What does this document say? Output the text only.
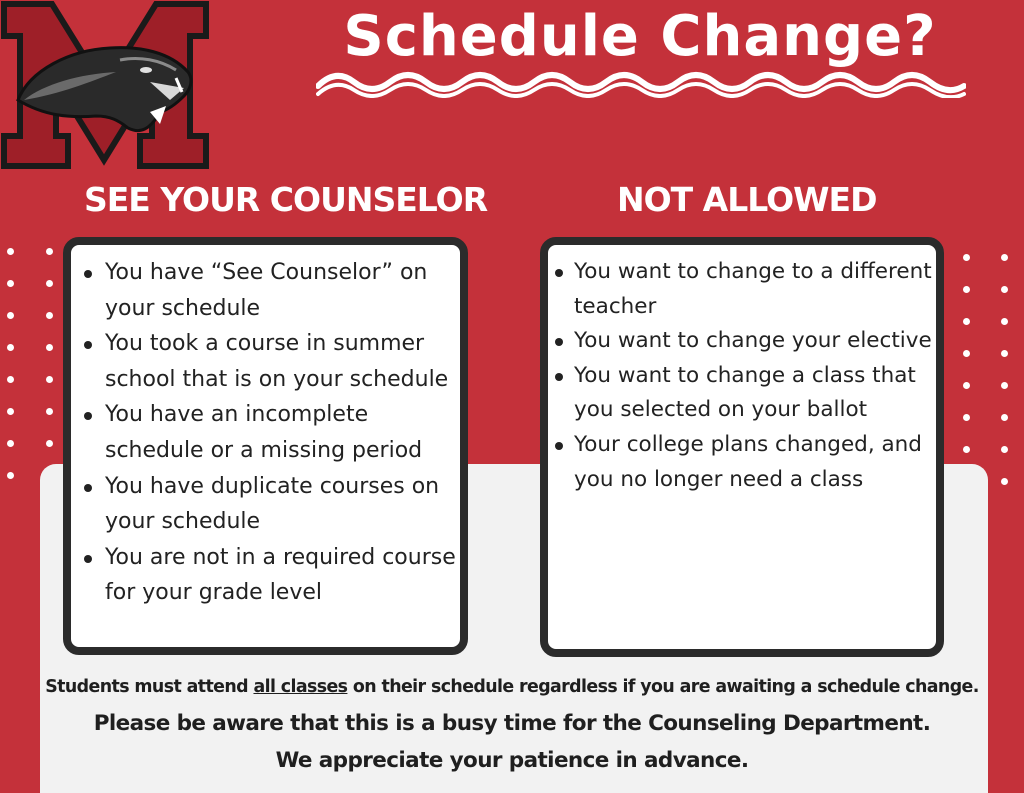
Schedule Change?
SEE YOUR COUNSELOR	NOT ALLOWED
You have “See Counselor” on your schedule
You took a course in summer school that is on your schedule
You have an incomplete schedule or a missing period
You have duplicate courses on your schedule
You are not in a required course for your grade level
You want to change to a different teacher
You want to change your elective
You want to change a class that you selected on your ballot
Your college plans changed, and you no longer need a class
Students must attend all classes on their schedule regardless if you are awaiting a schedule change.
Please be aware that this is a busy time for the Counseling Department.
We appreciate your patience in advance.
